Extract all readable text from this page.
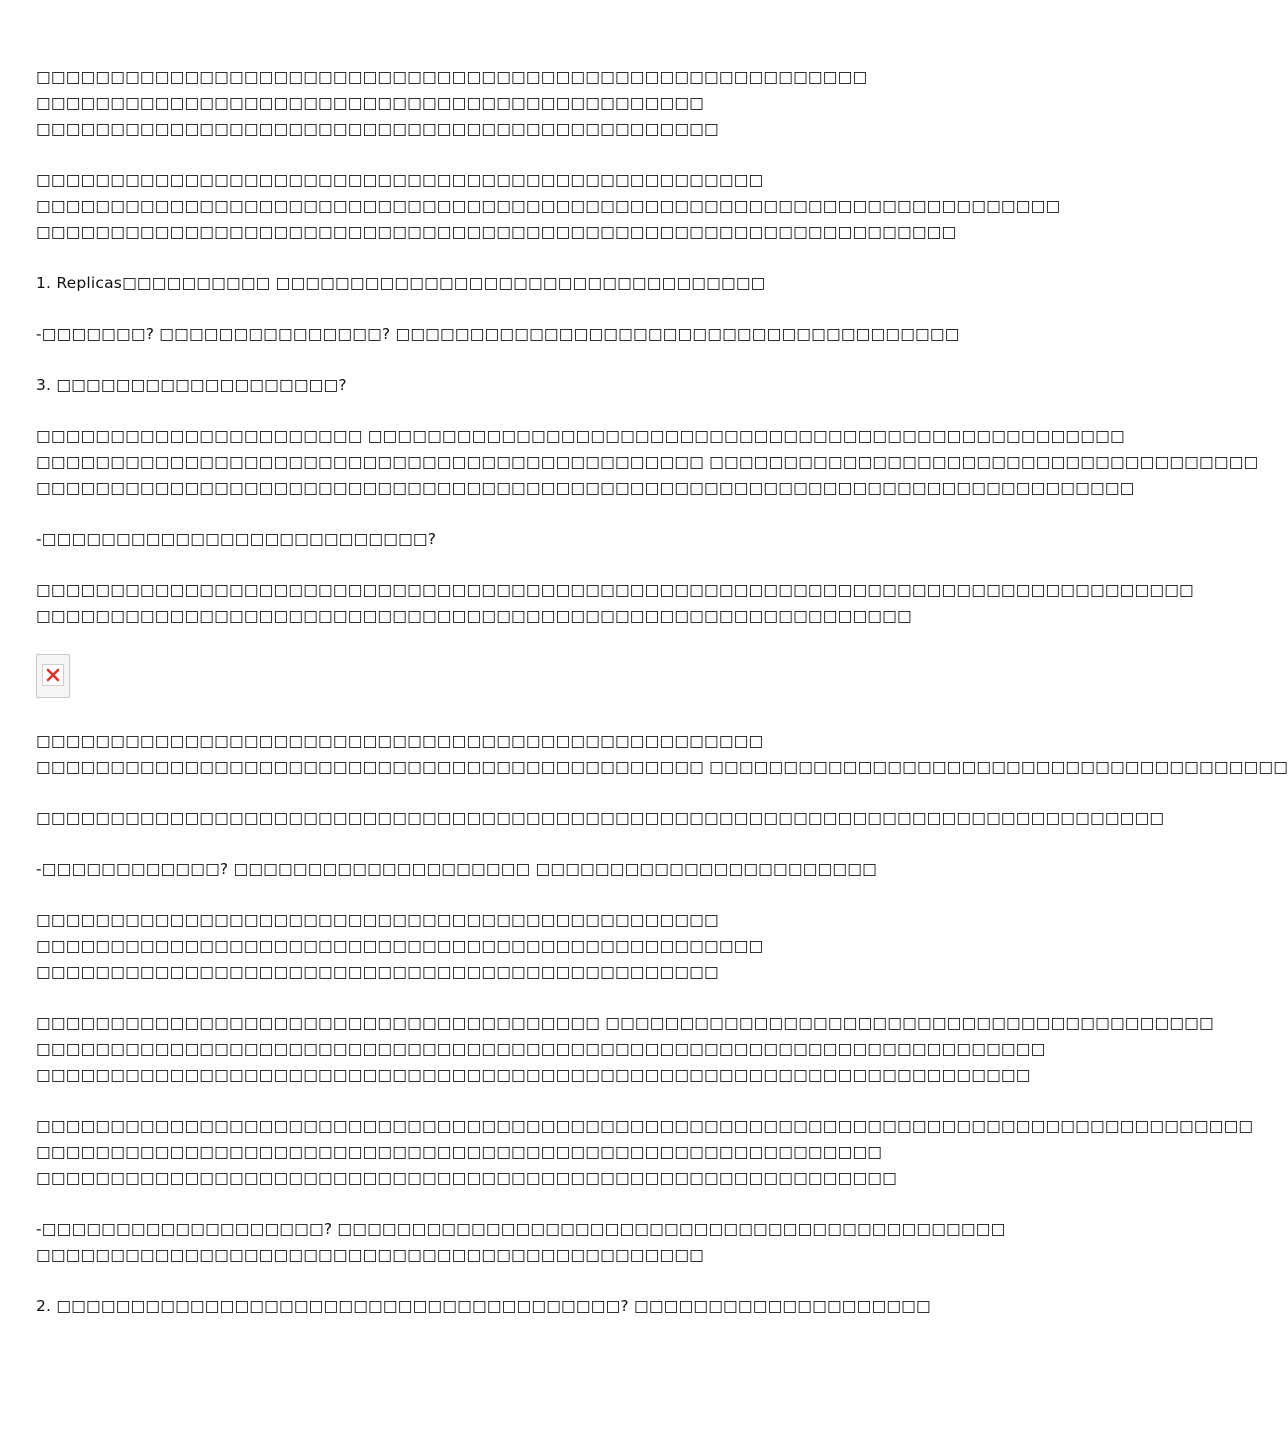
□□□□□□□□□□□□□□□□□□□□□□□□□□□□□□□□□□□□□□□□□□□□□□□□□□□□□□□□
□□□□□□□□□□□□□□□□□□□□□□□□□□□□□□□□□□□□□□□□□□□□□
□□□□□□□□□□□□□□□□□□□□□□□□□□□□□□□□□□□□□□□□□□□□□□
□□□□□□□□□□□□□□□□□□□□□□□□□□□□□□□□□□□□□□□□□□□□□□□□□
□□□□□□□□□□□□□□□□□□□□□□□□□□□□□□□□□□□□□□□□□□□□□□□□□□□□□□□□□□□□□□□□□□□□□
□□□□□□□□□□□□□□□□□□□□□□□□□□□□□□□□□□□□□□□□□□□□□□□□□□□□□□□□□□□□□□
1. Replicas□□□□□□□□□□ □□□□□□□□□□□□□□□□□□□□□□□□□□□□□□□□□
-□□□□□□□? □□□□□□□□□□□□□□□? □□□□□□□□□□□□□□□□□□□□□□□□□□□□□□□□□□□□□□
3. □□□□□□□□□□□□□□□□□□□?
□□□□□□□□□□□□□□□□□□□□□□ □□□□□□□□□□□□□□□□□□□□□□□□□□□□□□□□□□□□□□□□□□□□□□□□□□□
□□□□□□□□□□□□□□□□□□□□□□□□□□□□□□□□□□□□□□□□□□□□□ □□□□□□□□□□□□□□□□□□□□□□□□□□□□□□□□□□□□□
□□□□□□□□□□□□□□□□□□□□□□□□□□□□□□□□□□□□□□□□□□□□□□□□□□□□□□□□□□□□□□□□□□□□□□□□□□
-□□□□□□□□□□□□□□□□□□□□□□□□□□?
□□□□□□□□□□□□□□□□□□□□□□□□□□□□□□□□□□□□□□□□□□□□□□□□□□□□□□□□□□□□□□□□□□□□□□□□□□□□□□
□□□□□□□□□□□□□□□□□□□□□□□□□□□□□□□□□□□□□□□□□□□□□□□□□□□□□□□□□□□
□□□□□□□□□□□□□□□□□□□□□□□□□□□□□□□□□□□□□□□□□□□□□□□□□
□□□□□□□□□□□□□□□□□□□□□□□□□□□□□□□□□□□□□□□□□□□□□ □□□□□□□□□□□□□□□□□□□□□□□□□□□□□□□□□□□□□□□
□□□□□□□□□□□□□□□□□□□□□□□□□□□□□□□□□□□□□□□□□□□□□□□□□□□□□□□□□□□□□□□□□□□□□□□□□□□□
-□□□□□□□□□□□□? □□□□□□□□□□□□□□□□□□□□ □□□□□□□□□□□□□□□□□□□□□□□
□□□□□□□□□□□□□□□□□□□□□□□□□□□□□□□□□□□□□□□□□□□□□□
□□□□□□□□□□□□□□□□□□□□□□□□□□□□□□□□□□□□□□□□□□□□□□□□□
□□□□□□□□□□□□□□□□□□□□□□□□□□□□□□□□□□□□□□□□□□□□□□
□□□□□□□□□□□□□□□□□□□□□□□□□□□□□□□□□□□□□□ □□□□□□□□□□□□□□□□□□□□□□□□□□□□□□□□□□□□□□□□□
□□□□□□□□□□□□□□□□□□□□□□□□□□□□□□□□□□□□□□□□□□□□□□□□□□□□□□□□□□□□□□□□□□□□
□□□□□□□□□□□□□□□□□□□□□□□□□□□□□□□□□□□□□□□□□□□□□□□□□□□□□□□□□□□□□□□□□□□
□□□□□□□□□□□□□□□□□□□□□□□□□□□□□□□□□□□□□□□□□□□□□□□□□□□□□□□□□□□□□□□□□□□□□□□□□□□□□□□□□□
□□□□□□□□□□□□□□□□□□□□□□□□□□□□□□□□□□□□□□□□□□□□□□□□□□□□□□□□□
□□□□□□□□□□□□□□□□□□□□□□□□□□□□□□□□□□□□□□□□□□□□□□□□□□□□□□□□□□
-□□□□□□□□□□□□□□□□□□□? □□□□□□□□□□□□□□□□□□□□□□□□□□□□□□□□□□□□□□□□□□□□□
□□□□□□□□□□□□□□□□□□□□□□□□□□□□□□□□□□□□□□□□□□□□□
2. □□□□□□□□□□□□□□□□□□□□□□□□□□□□□□□□□□□□□□? □□□□□□□□□□□□□□□□□□□□
